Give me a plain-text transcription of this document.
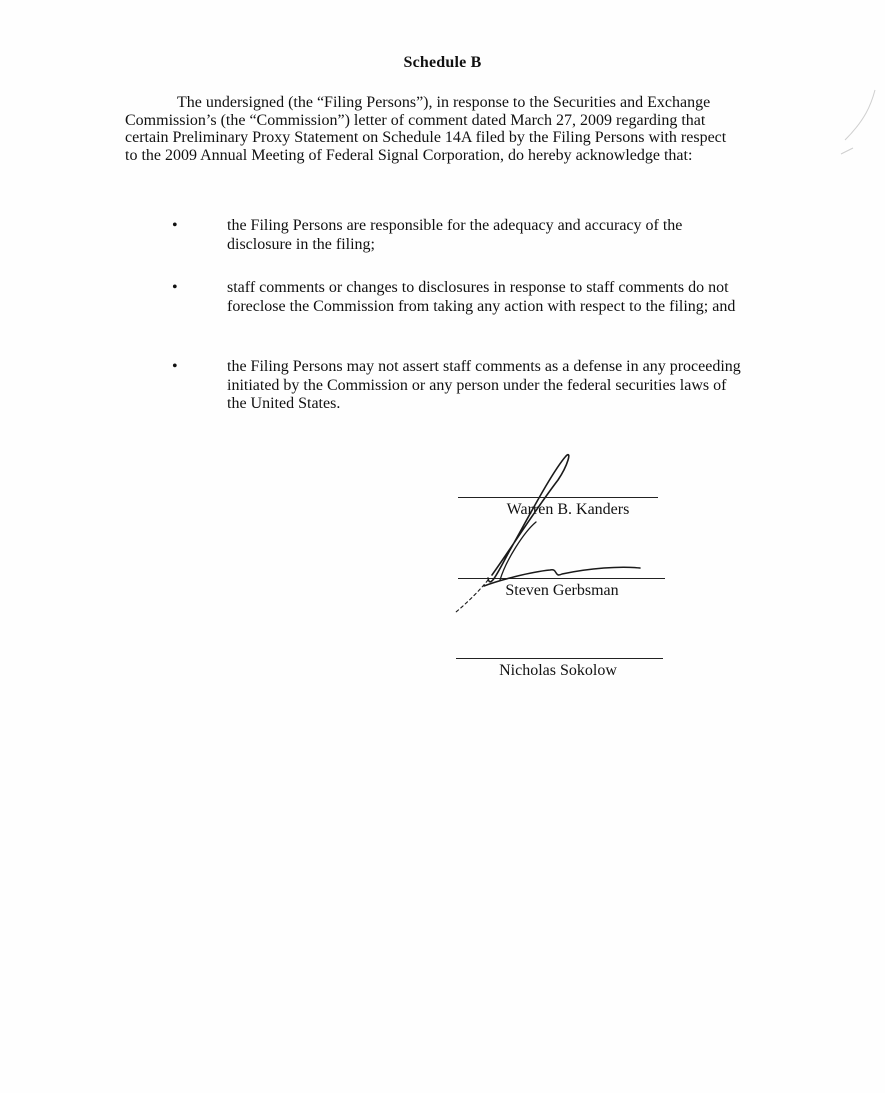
Schedule B

The undersigned (the “Filing Persons”), in response to the Securities and Exchange Commission’s (the “Commission”) letter of comment dated March 27, 2009 regarding that certain Preliminary Proxy Statement on Schedule 14A filed by the Filing Persons with respect to the 2009 Annual Meeting of Federal Signal Corporation, do hereby acknowledge that:

•	the Filing Persons are responsible for the adequacy and accuracy of the disclosure in the filing;
•	staff comments or changes to disclosures in response to staff comments do not foreclose the Commission from taking any action with respect to the filing; and
•	the Filing Persons may not assert staff comments as a defense in any proceeding initiated by the Commission or any person under the federal securities laws of the United States.
Warren B. Kanders
Steven Gerbsman
Nicholas Sokolow
